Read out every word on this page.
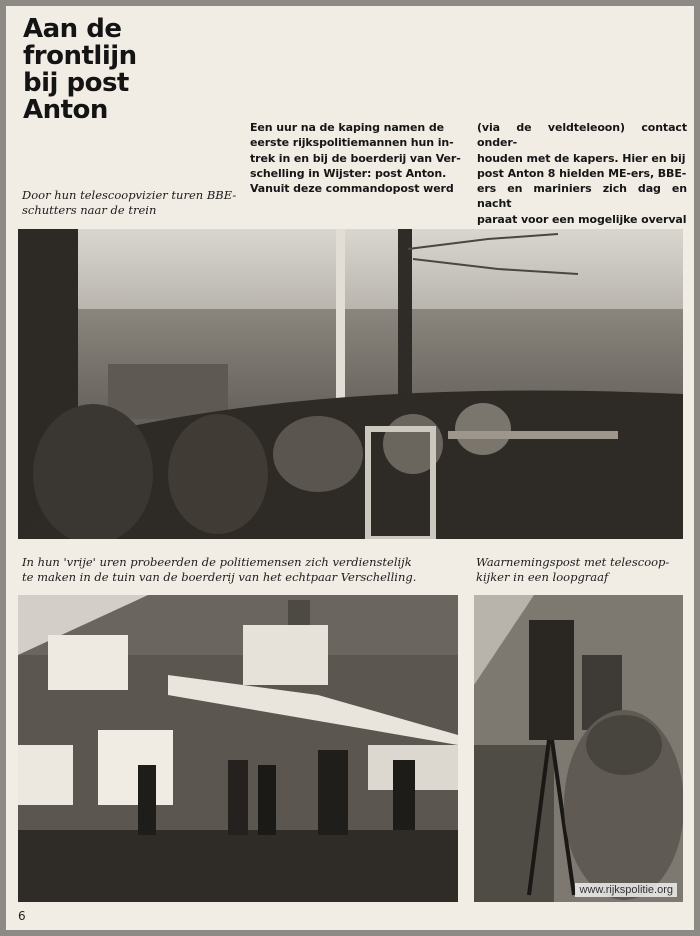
Aan de
frontlijn
bij post
Anton
Door hun telescoopvizier turen BBE-
schutters naar de trein
Een uur na de kaping namen de
eerste rijkspolitiemannen hun in-
trek in en bij de boerderij van Ver-
schelling in Wijster: post Anton.
Vanuit deze commandopost werd
(via de veldteleoon) contact onder-
houden met de kapers. Hier en bij
post Anton 8 hielden ME-ers, BBE-
ers en mariniers zich dag en nacht
paraat voor een mogelijke overval
In hun 'vrije' uren probeerden de politiemensen zich verdienstelijk
te maken in de tuin van de boerderij van het echtpaar Verschelling.
Waarnemingspost met telescoop-
kijker in een loopgraaf
www.rijkspolitie.org
6
